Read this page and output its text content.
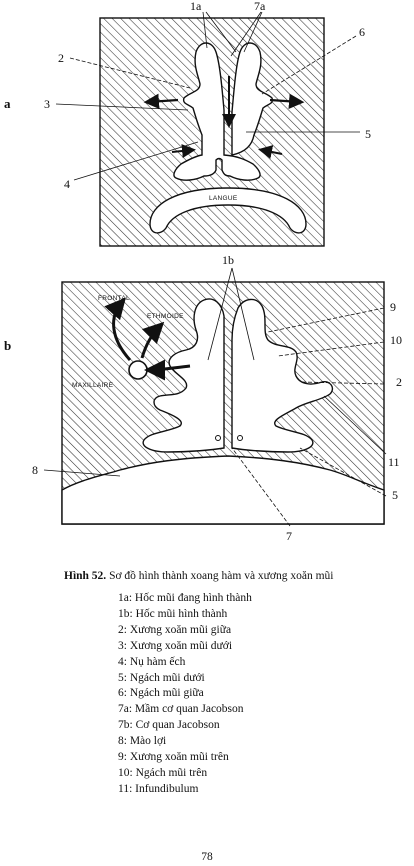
LANGUE
1a	7a
2
3
4
6
5
a
FRONTAL
ETHMOIDE
MAXILLAIRE
1b
9
10
2
11
5
7
8
b
Hình 52. Sơ đồ hình thành xoang hàm và xương xoăn mũi
1a: Hốc mũi đang hình thành
1b: Hốc mũi hình thành
2: Xương xoăn mũi giữa
3: Xương xoăn mũi dưới
4: Nụ hàm ếch
5: Ngách mũi dưới
6: Ngách mũi giữa
7a: Mầm cơ quan Jacobson
7b: Cơ quan Jacobson
8: Mào lợi
9: Xương xoăn mũi trên
10: Ngách mũi trên
11: Infundibulum
78
